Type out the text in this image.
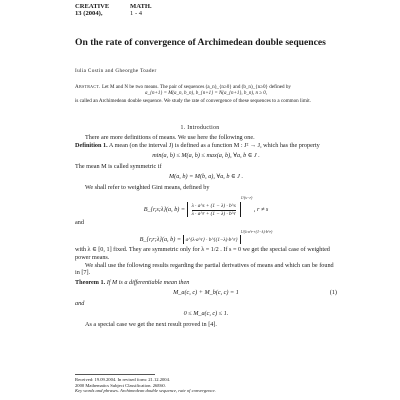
CREATIVE	MATH.
13 (2004),	1 - 4
On the rate of convergence of Archimedean double sequences
Iulia Costin and Gheorghe Toader
Abstract. Let M and N be two means. The pair of sequences (a_n)_{n≥0} and (b_n)_{n≥0} defined by
a_{n+1} = M(a_n, b_n), b_{n+1} = N(a_{n+1}, b_n), n ≥ 0,
is called an Archimedean double sequence. We study the rate of convergence of these sequences to a common limit.
1. Introduction

There are more definitions of means. We use here the following one.

Definition 1. A mean (on the interval J) is defined as a function M : J² → J, which has the property

min(a, b) ≤ M(a, b) ≤ max(a, b), ∀a, b ∈ J .

The mean M is called symmetric if

M(a, b) = M(b, a), ∀a, b ∈ J .

We shall refer to weighted Gini means, defined by

B_{r,s;λ}(a, $b) = \frac{\lambda \cdot a\^{}s + (1 - \lambda) \cdot b\^{}s}{\lambda \cdot a\^{}r + (1 - \lambda) \cdot b\^{}r}$
$^{1/(s-r)}$ , r ≠ s

and

B_{r,r;λ}(a, b) = a^{λ·a^r} · b^{(1−λ)·b^r}$^{1/(\lambda\cdot a\^{}r+(1-\lambda)\cdot b\^{}r)}$

with λ ∈ [0, 1] fixed. They are symmetric only for λ = 1/2 . If s = 0 we get the special case of weighted power means.

We shall use the following results regarding the partial derivatives of means and which can be found in [7].

Theorem 1. If M is a differentiable mean then

M_a(c, c) + M_b(c, c) = 1	(1)

and

0 ≤ M_a(c, c) ≤ 1.

As a special case we get the next result proved in [4].

Received: 19.09.2004. In revised form: 21.12.2004.
2000 Mathematics Subject Classification. 26E60.
Key words and phrases. Archimedean double sequence, rate of convergence.
